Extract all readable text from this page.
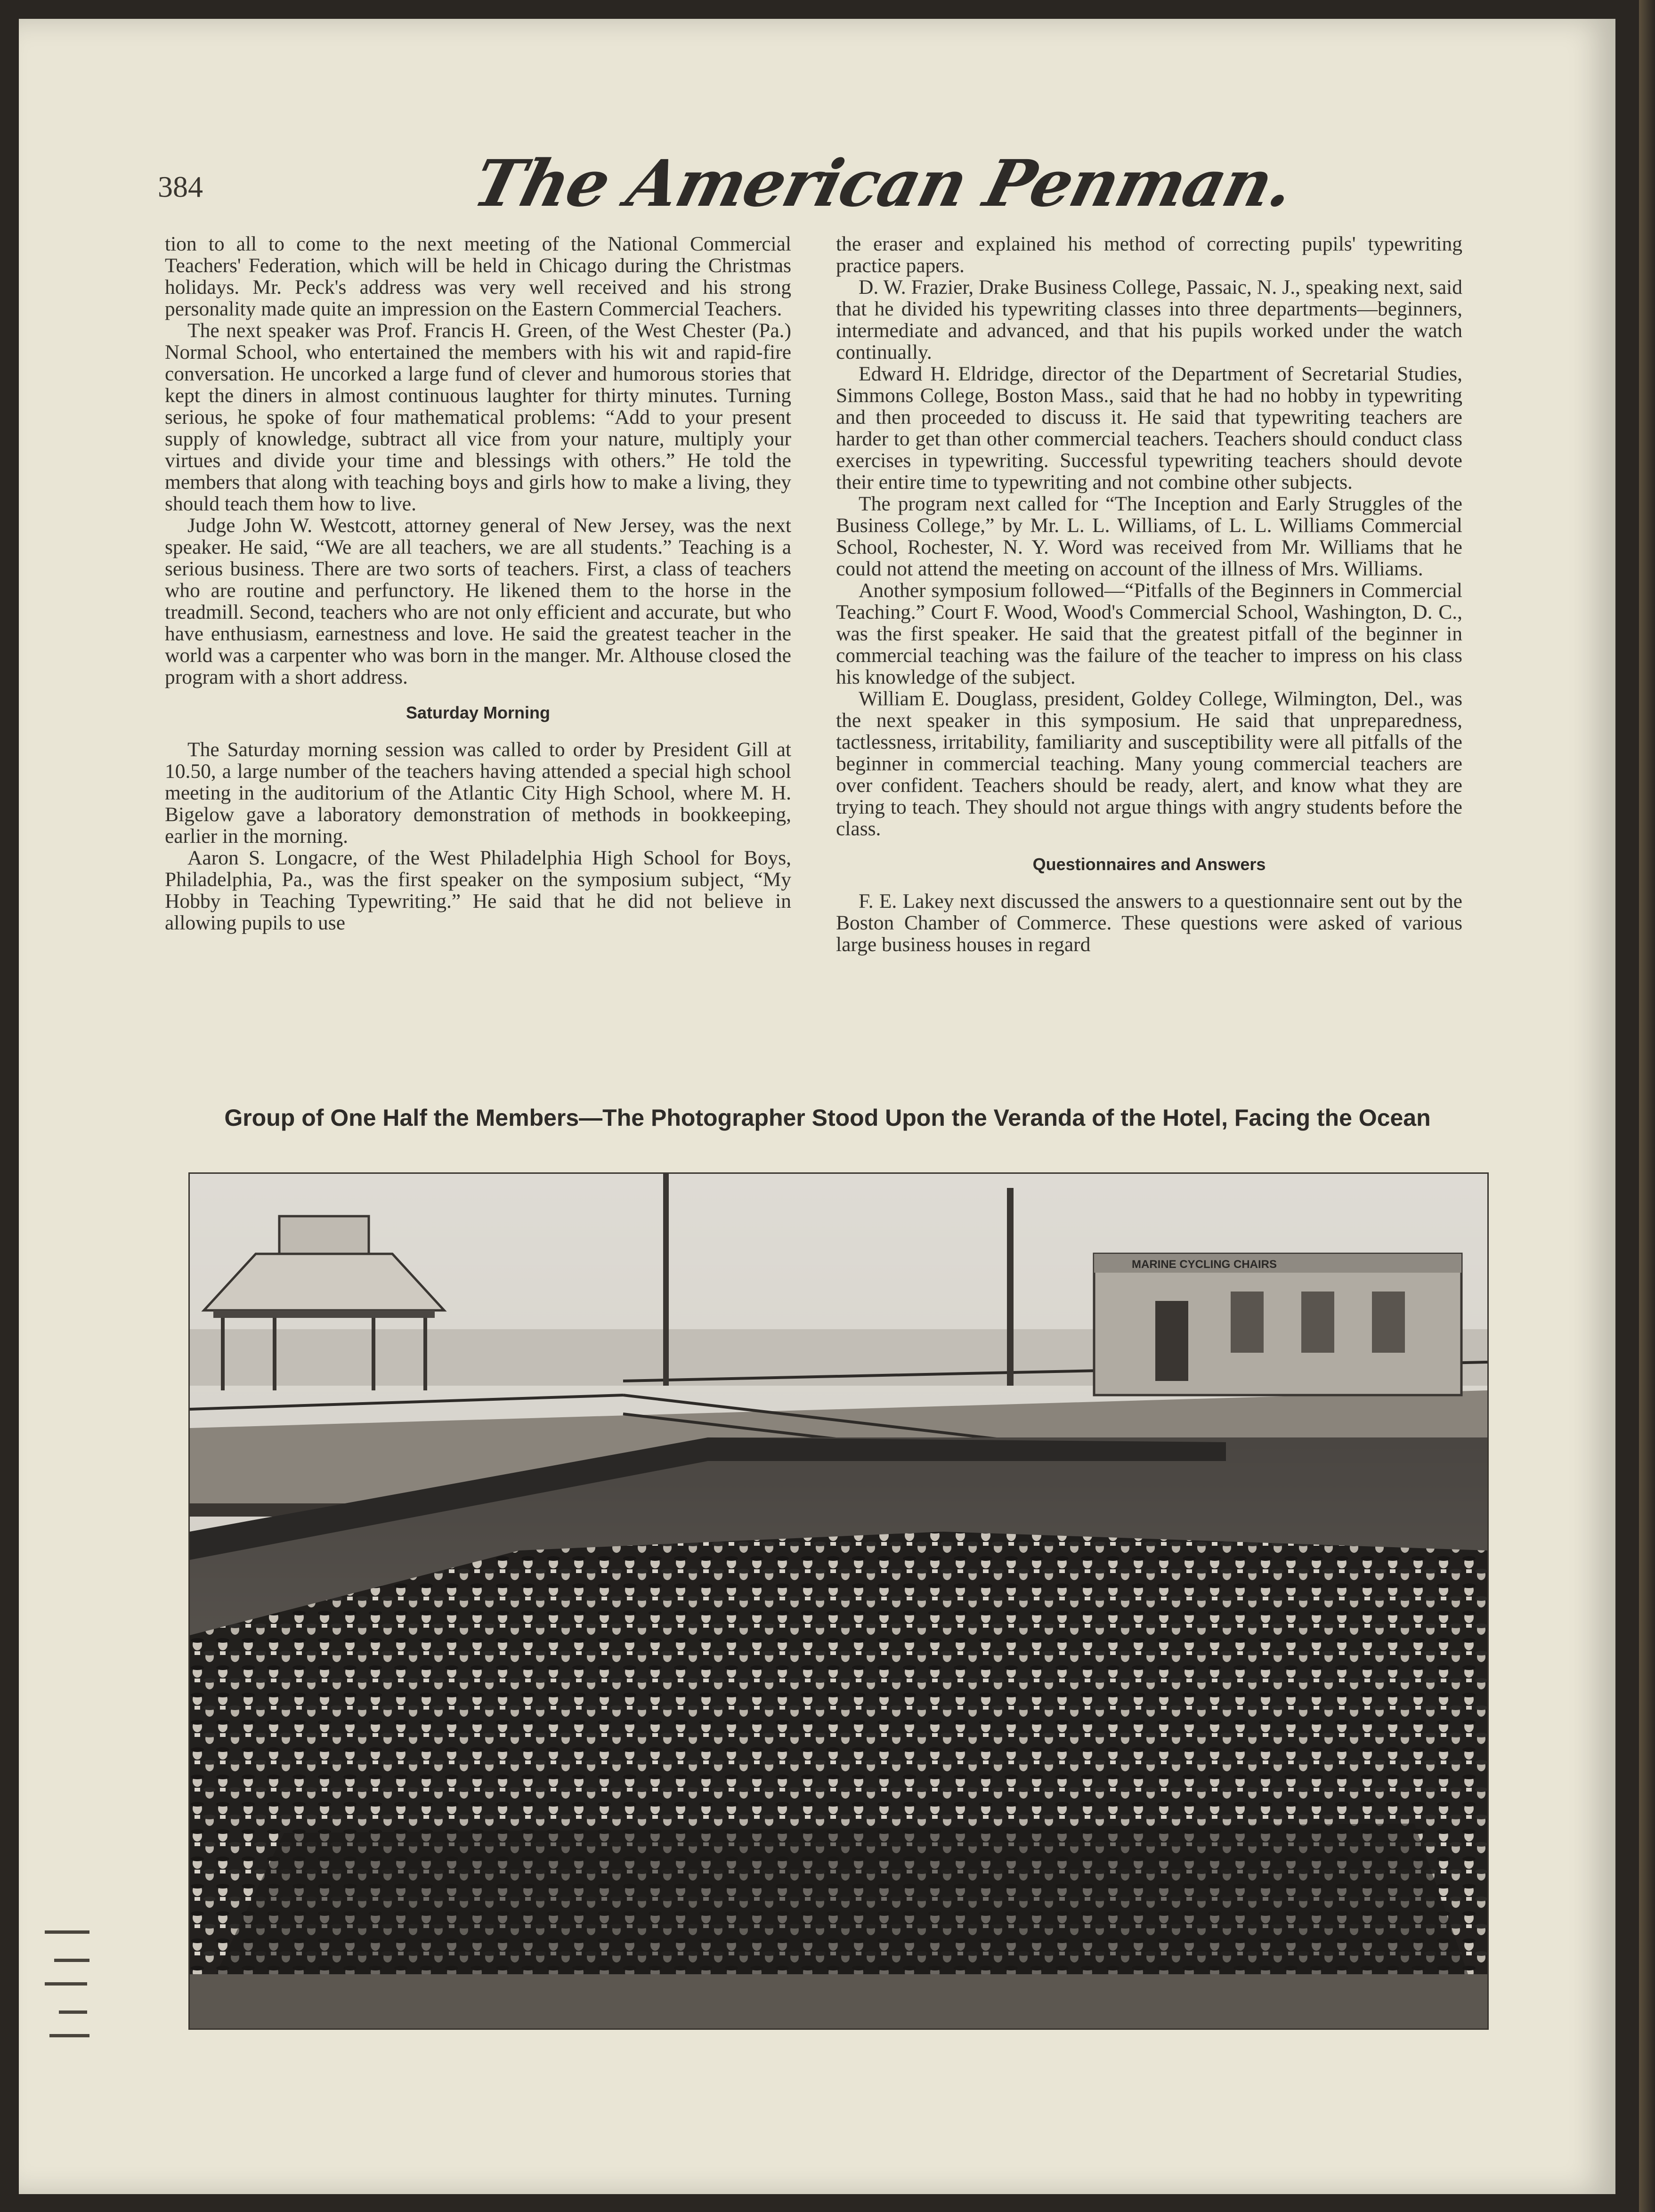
384	The American Penman.

tion to all to come to the next meeting of the National Commercial Teachers' Federation, which will be held in Chicago during the Christmas holidays. Mr. Peck's address was very well received and his strong personality made quite an impression on the Eastern Commercial Teachers.

The next speaker was Prof. Francis H. Green, of the West Chester (Pa.) Normal School, who entertained the members with his wit and rapid-fire conversation. He uncorked a large fund of clever and humorous stories that kept the diners in almost continuous laughter for thirty minutes. Turning serious, he spoke of four mathematical problems: “Add to your present supply of knowledge, subtract all vice from your nature, multiply your virtues and divide your time and blessings with others.” He told the members that along with teaching boys and girls how to make a living, they should teach them how to live.

Judge John W. Westcott, attorney general of New Jersey, was the next speaker. He said, “We are all teachers, we are all students.” Teaching is a serious business. There are two sorts of teachers. First, a class of teachers who are routine and perfunctory. He likened them to the horse in the treadmill. Second, teachers who are not only efficient and accurate, but who have enthusiasm, earnestness and love. He said the greatest teacher in the world was a carpenter who was born in the manger. Mr. Althouse closed the program with a short address.

Saturday Morning

The Saturday morning session was called to order by President Gill at 10.50, a large number of the teachers having attended a special high school meeting in the auditorium of the Atlantic City High School, where M. H. Bigelow gave a laboratory demonstration of methods in bookkeeping, earlier in the morning.

Aaron S. Longacre, of the West Philadelphia High School for Boys, Philadelphia, Pa., was the first speaker on the symposium subject, “My Hobby in Teaching Typewriting.” He said that he did not believe in allowing pupils to use

the eraser and explained his method of correcting pupils' typewriting practice papers.

D. W. Frazier, Drake Business College, Passaic, N. J., speaking next, said that he divided his typewriting classes into three departments—beginners, intermediate and advanced, and that his pupils worked under the watch continually.

Edward H. Eldridge, director of the Department of Secretarial Studies, Simmons College, Boston Mass., said that he had no hobby in typewriting and then proceeded to discuss it. He said that typewriting teachers are harder to get than other commercial teachers. Teachers should conduct class exercises in typewriting. Successful typewriting teachers should devote their entire time to typewriting and not combine other subjects.

The program next called for “The Inception and Early Struggles of the Business College,” by Mr. L. L. Williams, of L. L. Williams Commercial School, Rochester, N. Y. Word was received from Mr. Williams that he could not attend the meeting on account of the illness of Mrs. Williams.

Another symposium followed—“Pitfalls of the Beginners in Commercial Teaching.” Court F. Wood, Wood's Commercial School, Washington, D. C., was the first speaker. He said that the greatest pitfall of the beginner in commercial teaching was the failure of the teacher to impress on his class his knowledge of the subject.

William E. Douglass, president, Goldey College, Wilmington, Del., was the next speaker in this symposium. He said that unpreparedness, tactlessness, irritability, familiarity and susceptibility were all pitfalls of the beginner in commercial teaching. Many young commercial teachers are over confident. Teachers should be ready, alert, and know what they are trying to teach. They should not argue things with angry students before the class.

Questionnaires and Answers

F. E. Lakey next discussed the answers to a questionnaire sent out by the Boston Chamber of Commerce. These questions were asked of various large business houses in regard

Group of One Half the Members—The Photographer Stood Upon the Veranda of the Hotel, Facing the Ocean
MARINE CYCLING CHAIRS
